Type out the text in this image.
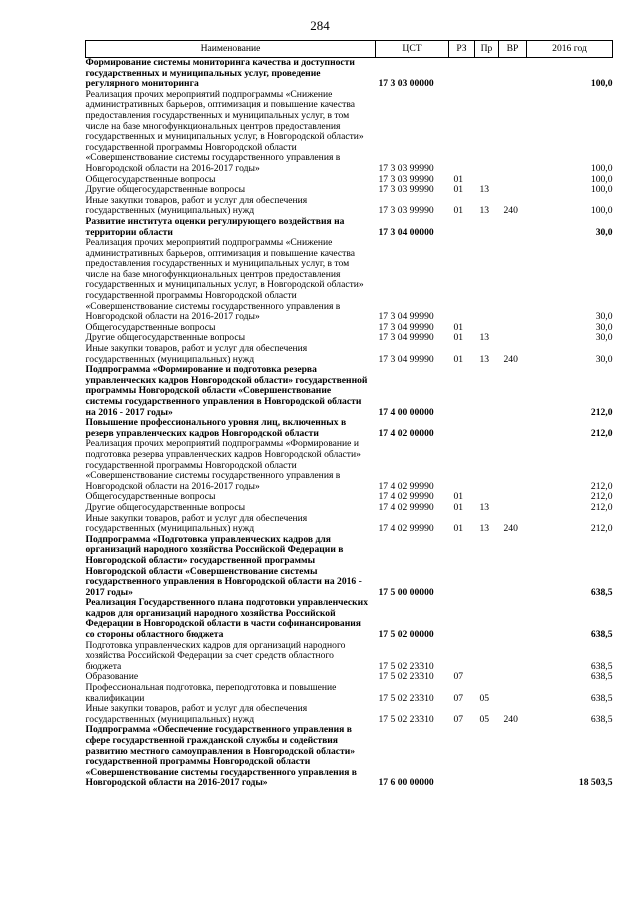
284
Наименование	ЦСТ	РЗ	Пр	ВР	2016 год
Формирование системы мониторинга качества и доступности государственных и муниципальных услуг, проведение регулярного мониторинга	17 3 03 00000				100,0
Реализация прочих мероприятий подпрограммы «Снижение административных барьеров, оптимизация и повышение качества предоставления государственных и муниципальных услуг, в том числе на базе многофункциональных центров предоставления государственных и муниципальных услуг, в Новгородской области» государственной программы Новгородской области «Совершенствование системы государственного управления в Новгородской области на 2016-2017 годы»	17 3 03 99990				100,0
Общегосударственные вопросы	17 3 03 99990	01			100,0
Другие общегосударственные вопросы	17 3 03 99990	01	13		100,0
Иные закупки товаров, работ и услуг для обеспечения государственных (муниципальных) нужд	17 3 03 99990	01	13	240	100,0
Развитие института оценки регулирующего воздействия на территории области	17 3 04 00000				30,0
Реализация прочих мероприятий подпрограммы «Снижение административных барьеров, оптимизация и повышение качества предоставления государственных и муниципальных услуг, в том числе на базе многофункциональных центров предоставления государственных и муниципальных услуг, в Новгородской области» государственной программы Новгородской области «Совершенствование системы государственного управления в Новгородской области на 2016-2017 годы»	17 3 04 99990				30,0
Общегосударственные вопросы	17 3 04 99990	01			30,0
Другие общегосударственные вопросы	17 3 04 99990	01	13		30,0
Иные закупки товаров, работ и услуг для обеспечения государственных (муниципальных) нужд	17 3 04 99990	01	13	240	30,0
Подпрограмма «Формирование и подготовка резерва управленческих кадров Новгородской области» государственной программы Новгородской области «Совершенствование системы государственного управления в Новгородской области на 2016 - 2017 годы»	17 4 00 00000				212,0
Повышение профессионального уровня лиц, включенных в резерв управленческих кадров Новгородской области	17 4 02 00000				212,0
Реализация прочих мероприятий подпрограммы «Формирование и подготовка резерва управленческих кадров Новгородской области» государственной программы Новгородской области «Совершенствование системы государственного управления в Новгородской области на 2016-2017 годы»	17 4 02 99990				212,0
Общегосударственные вопросы	17 4 02 99990	01			212,0
Другие общегосударственные вопросы	17 4 02 99990	01	13		212,0
Иные закупки товаров, работ и услуг для обеспечения государственных (муниципальных) нужд	17 4 02 99990	01	13	240	212,0
Подпрограмма «Подготовка управленческих кадров для организаций народного хозяйства Российской Федерации в Новгородской области» государственной программы Новгородской области «Совершенствование системы государственного управления в Новгородской области на 2016 - 2017 годы»	17 5 00 00000				638,5
Реализация Государственного плана подготовки управленческих кадров для организаций народного хозяйства Российской Федерации в Новгородской области в части софинансирования со стороны областного бюджета	17 5 02 00000				638,5
Подготовка управленческих кадров для организаций народного хозяйства Российской Федерации за счет средств областного бюджета	17 5 02 23310				638,5
Образование	17 5 02 23310	07			638,5
Профессиональная подготовка, переподготовка и повышение квалификации	17 5 02 23310	07	05		638,5
Иные закупки товаров, работ и услуг для обеспечения государственных (муниципальных) нужд	17 5 02 23310	07	05	240	638,5
Подпрограмма «Обеспечение государственного управления в сфере государственной гражданской службы и содействия развитию местного самоуправления в Новгородской области» государственной программы Новгородской области «Совершенствование системы государственного управления в Новгородской области на 2016-2017 годы»	17 6 00 00000				18 503,5
